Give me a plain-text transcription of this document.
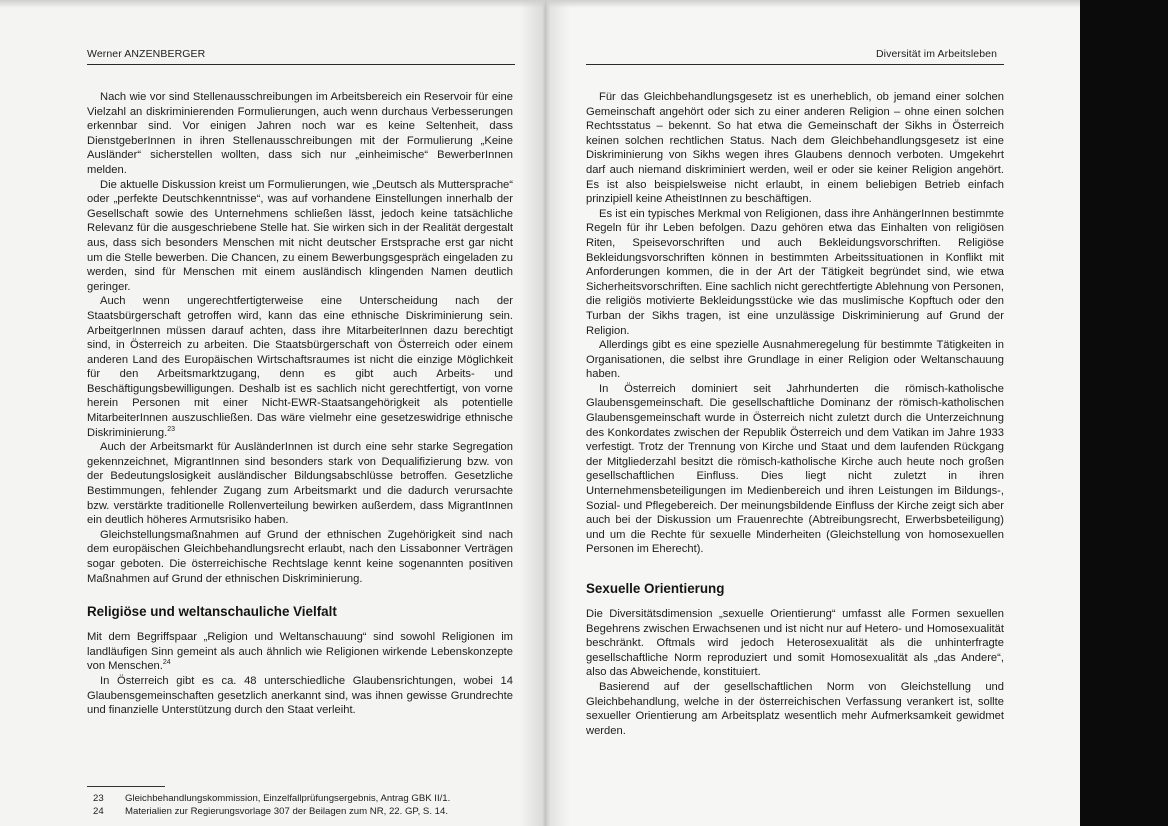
Werner ANZENBERGER

Nach wie vor sind Stellenausschreibungen im Arbeitsbereich ein Reservoir für eine Vielzahl an diskriminierenden Formulierungen, auch wenn durchaus Verbesserungen erkennbar sind. Vor einigen Jahren noch war es keine Seltenheit, dass DienstgeberInnen in ihren Stellenausschreibungen mit der Formulierung „Keine Ausländer“ sicherstellen wollten, dass sich nur „einheimische“ BewerberInnen melden.

Die aktuelle Diskussion kreist um Formulierungen, wie „Deutsch als Muttersprache“ oder „perfekte Deutschkenntnisse“, was auf vorhandene Einstellungen innerhalb der Gesellschaft sowie des Unternehmens schließen lässt, jedoch keine tatsächliche Relevanz für die ausgeschriebene Stelle hat. Sie wirken sich in der Realität dergestalt aus, dass sich besonders Menschen mit nicht deutscher Erstsprache erst gar nicht um die Stelle bewerben. Die Chancen, zu einem Bewerbungsgespräch eingeladen zu werden, sind für Menschen mit einem ausländisch klingenden Namen deutlich geringer.

Auch wenn ungerechtfertigterweise eine Unterscheidung nach der Staatsbürgerschaft getroffen wird, kann das eine ethnische Diskriminierung sein. ArbeitgerInnen müssen darauf achten, dass ihre MitarbeiterInnen dazu berechtigt sind, in Österreich zu arbeiten. Die Staatsbürgerschaft von Österreich oder einem anderen Land des Europäischen Wirtschaftsraumes ist nicht die einzige Möglichkeit für den Arbeitsmarktzugang, denn es gibt auch Arbeits- und Beschäftigungsbewilligungen. Deshalb ist es sachlich nicht gerechtfertigt, von vorne herein Personen mit einer Nicht-EWR-Staatsangehörigkeit als potentielle MitarbeiterInnen auszuschließen. Das wäre vielmehr eine gesetzeswidrige ethnische Diskriminierung.$^{23}$

Auch der Arbeitsmarkt für AusländerInnen ist durch eine sehr starke Segregation gekennzeichnet, MigrantInnen sind besonders stark von Dequalifizierung bzw. von der Bedeutungslosigkeit ausländischer Bildungsabschlüsse betroffen. Gesetzliche Bestimmungen, fehlender Zugang zum Arbeitsmarkt und die dadurch verursachte bzw. verstärkte traditionelle Rollenverteilung bewirken außerdem, dass MigrantInnen ein deutlich höheres Armutsrisiko haben.

Gleichstellungsmaßnahmen auf Grund der ethnischen Zugehörigkeit sind nach dem europäischen Gleichbehandlungsrecht erlaubt, nach den Lissabonner Verträgen sogar geboten. Die österreichische Rechtslage kennt keine sogenannten positiven Maßnahmen auf Grund der ethnischen Diskriminierung.

Religiöse und weltanschauliche Vielfalt

Mit dem Begriffspaar „Religion und Weltanschauung“ sind sowohl Religionen im landläufigen Sinn gemeint als auch ähnlich wie Religionen wirkende Lebenskonzepte von Menschen.$^{24}$

In Österreich gibt es ca. 48 unterschiedliche Glaubensrichtungen, wobei 14 Glaubensgemeinschaften gesetzlich anerkannt sind, was ihnen gewisse Grundrechte und finanzielle Unterstützung durch den Staat verleiht.

23	Gleichbehandlungskommission, Einzelfallprüfungsergebnis, Antrag GBK II/1.
24	Materialien zur Regierungsvorlage 307 der Beilagen zum NR, 22. GP, S. 14.
Diversität im Arbeitsleben

Für das Gleichbehandlungsgesetz ist es unerheblich, ob jemand einer solchen Gemeinschaft angehört oder sich zu einer anderen Religion – ohne einen solchen Rechtsstatus – bekennt. So hat etwa die Gemeinschaft der Sikhs in Österreich keinen solchen rechtlichen Status. Nach dem Gleichbehandlungsgesetz ist eine Diskriminierung von Sikhs wegen ihres Glaubens dennoch verboten. Umgekehrt darf auch niemand diskriminiert werden, weil er oder sie keiner Religion angehört. Es ist also beispielsweise nicht erlaubt, in einem beliebigen Betrieb einfach prinzipiell keine AtheistInnen zu beschäftigen.

Es ist ein typisches Merkmal von Religionen, dass ihre AnhängerInnen bestimmte Regeln für ihr Leben befolgen. Dazu gehören etwa das Einhalten von religiösen Riten, Speisevorschriften und auch Bekleidungsvorschriften. Religiöse Bekleidungsvorschriften können in bestimmten Arbeitssituationen in Konflikt mit Anforderungen kommen, die in der Art der Tätigkeit begründet sind, wie etwa Sicherheitsvorschriften. Eine sachlich nicht gerechtfertigte Ablehnung von Personen, die religiös motivierte Bekleidungsstücke wie das muslimische Kopftuch oder den Turban der Sikhs tragen, ist eine unzulässige Diskriminierung auf Grund der Religion.

Allerdings gibt es eine spezielle Ausnahmeregelung für bestimmte Tätigkeiten in Organisationen, die selbst ihre Grundlage in einer Religion oder Weltanschauung haben.

In Österreich dominiert seit Jahrhunderten die römisch-katholische Glaubensgemeinschaft. Die gesellschaftliche Dominanz der römisch-katholischen Glaubensgemeinschaft wurde in Österreich nicht zuletzt durch die Unterzeichnung des Konkordates zwischen der Republik Österreich und dem Vatikan im Jahre 1933 verfestigt. Trotz der Trennung von Kirche und Staat und dem laufenden Rückgang der Mitgliederzahl besitzt die römisch-katholische Kirche auch heute noch großen gesellschaftlichen Einfluss. Dies liegt nicht zuletzt in ihren Unternehmensbeteiligungen im Medienbereich und ihren Leistungen im Bildungs-, Sozial- und Pflegebereich. Der meinungsbildende Einfluss der Kirche zeigt sich aber auch bei der Diskussion um Frauenrechte (Abtreibungsrecht, Erwerbsbeteiligung) und um die Rechte für sexuelle Minderheiten (Gleichstellung von homosexuellen Personen im Eherecht).

Sexuelle Orientierung

Die Diversitätsdimension „sexuelle Orientierung“ umfasst alle Formen sexuellen Begehrens zwischen Erwachsenen und ist nicht nur auf Hetero- und Homosexualität beschränkt. Oftmals wird jedoch Heterosexualität als die unhinterfragte gesellschaftliche Norm reproduziert und somit Homosexualität als „das Andere“, also das Abweichende, konstituiert.

Basierend auf der gesellschaftlichen Norm von Gleichstellung und Gleichbehandlung, welche in der österreichischen Verfassung verankert ist, sollte sexueller Orientierung am Arbeitsplatz wesentlich mehr Aufmerksamkeit gewidmet werden.
